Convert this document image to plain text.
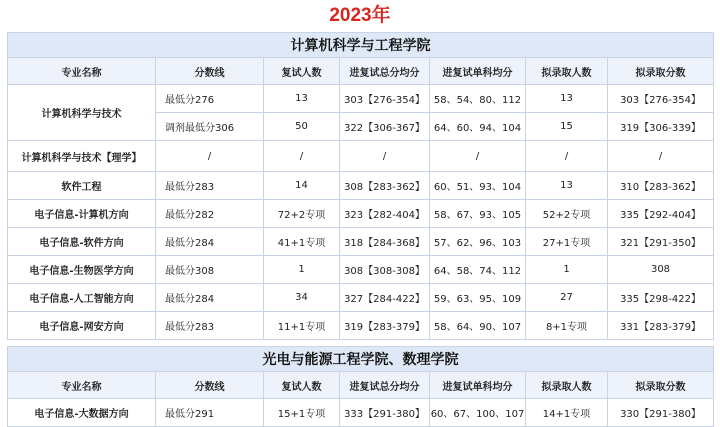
2023年
计算机科学与工程学院						
专业名称	分数线	复试人数	进复试总分均分	进复试单科均分	拟录取人数	拟录取分数
计算机科学与技术	最低分276	13	303【276-354】	58、54、80、112	13	303【276-354】
	调剂最低分306	50	322【306-367】	64、60、94、104	15	319【306-339】
计算机科学与技术【理学】	/	/	/	/	/	/
软件工程	最低分283	14	308【283-362】	60、51、93、104	13	310【283-362】
电子信息-计算机方向	最低分282	72+2专项	323【282-404】	58、67、93、105	52+2专项	335【292-404】
电子信息-软件方向	最低分284	41+1专项	318【284-368】	57、62、96、103	27+1专项	321【291-350】
电子信息-生物医学方向	最低分308	1	308【308-308】	64、58、74、112	1	308
电子信息-人工智能方向	最低分284	34	327【284-422】	59、63、95、109	27	335【298-422】
电子信息-网安方向	最低分283	11+1专项	319【283-379】	58、64、90、107	8+1专项	331【283-379】

光电与能源工程学院、数理学院						
专业名称	分数线	复试人数	进复试总分均分	进复试单科均分	拟录取人数	拟录取分数
电子信息-大数据方向	最低分291	15+1专项	333【291-380】	60、67、100、107	14+1专项	330【291-380】
